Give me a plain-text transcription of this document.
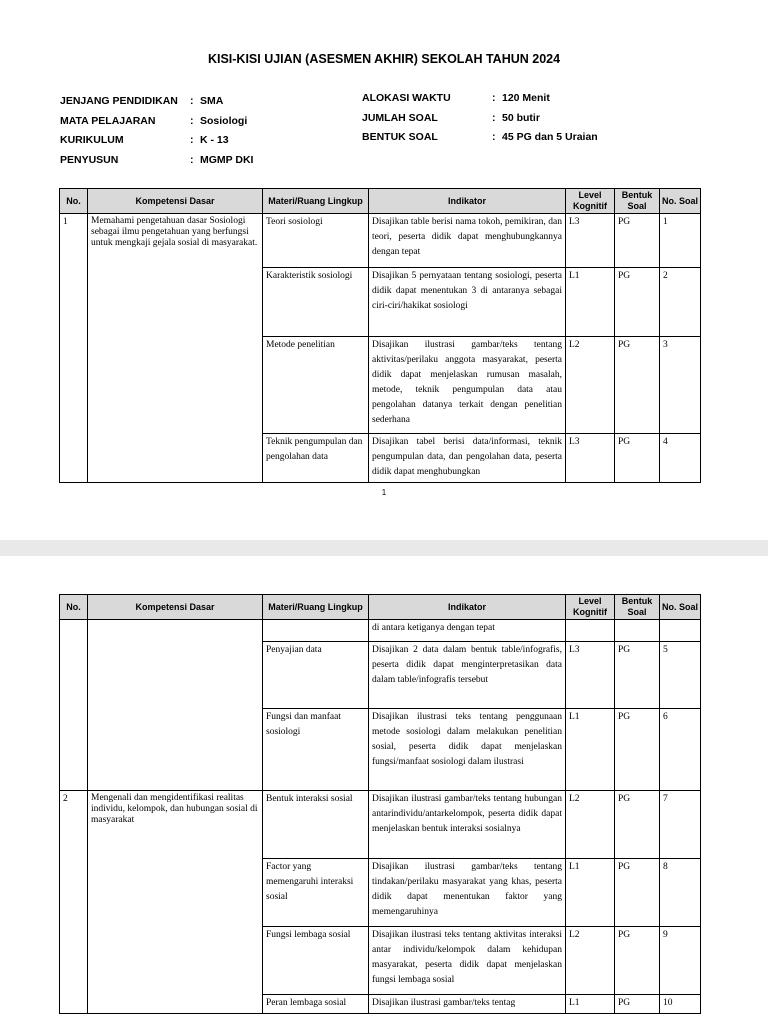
KISI-KISI UJIAN (ASESMEN AKHIR) SEKOLAH TAHUN 2024
JENJANG PENDIDIKAN : SMA
MATA PELAJARAN	: Sosiologi
KURIKULUM	: K - 13
PENYUSUN	: MGMP DKI
ALOKASI WAKTU	: 120 Menit
JUMLAH SOAL	: 50 butir
BENTUK SOAL	: 45 PG dan 5 Uraian
No.	Kompetensi Dasar	Materi/Ruang Lingkup	Indikator	Level Kognitif	Bentuk Soal	No. Soal
1	Memahami pengetahuan dasar Sosiologi sebagai ilmu pengetahuan yang berfungsi untuk mengkaji gejala sosial di masyarakat.	Teori sosiologi	Disajikan table berisi nama tokoh, pemikiran, dan teori, peserta didik dapat menghubungkannya dengan tepat	L3	PG	1
		Karakteristik sosiologi	Disajikan 5 pernyataan tentang sosiologi, peserta didik dapat menentukan 3 di antaranya sebagai ciri-ciri/hakikat sosiologi	L1	PG	2
		Metode penelitian	Disajikan ilustrasi gambar/teks tentang aktivitas/perilaku anggota masyarakat, peserta didik dapat menjelaskan rumusan masalah, metode, teknik pengumpulan data atau pengolahan datanya terkait dengan penelitian sederhana	L2	PG	3
		Teknik pengumpulan dan pengolahan data	Disajikan tabel berisi data/informasi, teknik pengumpulan data, dan pengolahan data, peserta didik dapat menghubungkan	L3	PG	4
1
No.	Kompetensi Dasar	Materi/Ruang Lingkup	Indikator	Level Kognitif	Bentuk Soal	No. Soal
			di antara ketiganya dengan tepat			
		Penyajian data	Disajikan 2 data dalam bentuk table/infografis, peserta didik dapat menginterpretasikan data dalam table/infografis tersebut	L3	PG	5
		Fungsi dan manfaat sosiologi	Disajikan ilustrasi teks tentang penggunaan metode sosiologi dalam melakukan penelitian sosial, peserta didik dapat menjelaskan fungsi/manfaat sosiologi dalam ilustrasi	L1	PG	6
2	Mengenali dan mengidentifikasi realitas individu, kelompok, dan hubungan sosial di masyarakat	Bentuk interaksi sosial	Disajikan ilustrasi gambar/teks tentang hubungan antarindividu/antarkelompok, peserta didik dapat menjelaskan bentuk interaksi sosialnya	L2	PG	7
		Factor yang memengaruhi interaksi sosial	Disajikan ilustrasi gambar/teks tentang tindakan/perilaku masyarakat yang khas, peserta didik dapat menentukan faktor yang memengaruhinya	L1	PG	8
		Fungsi lembaga sosial	Disajikan ilustrasi teks tentang aktivitas interaksi antar individu/kelompok dalam kehidupan masyarakat, peserta didik dapat menjelaskan fungsi lembaga sosial	L2	PG	9
		Peran lembaga sosial	Disajikan ilustrasi gambar/teks tentag	L1	PG	10
